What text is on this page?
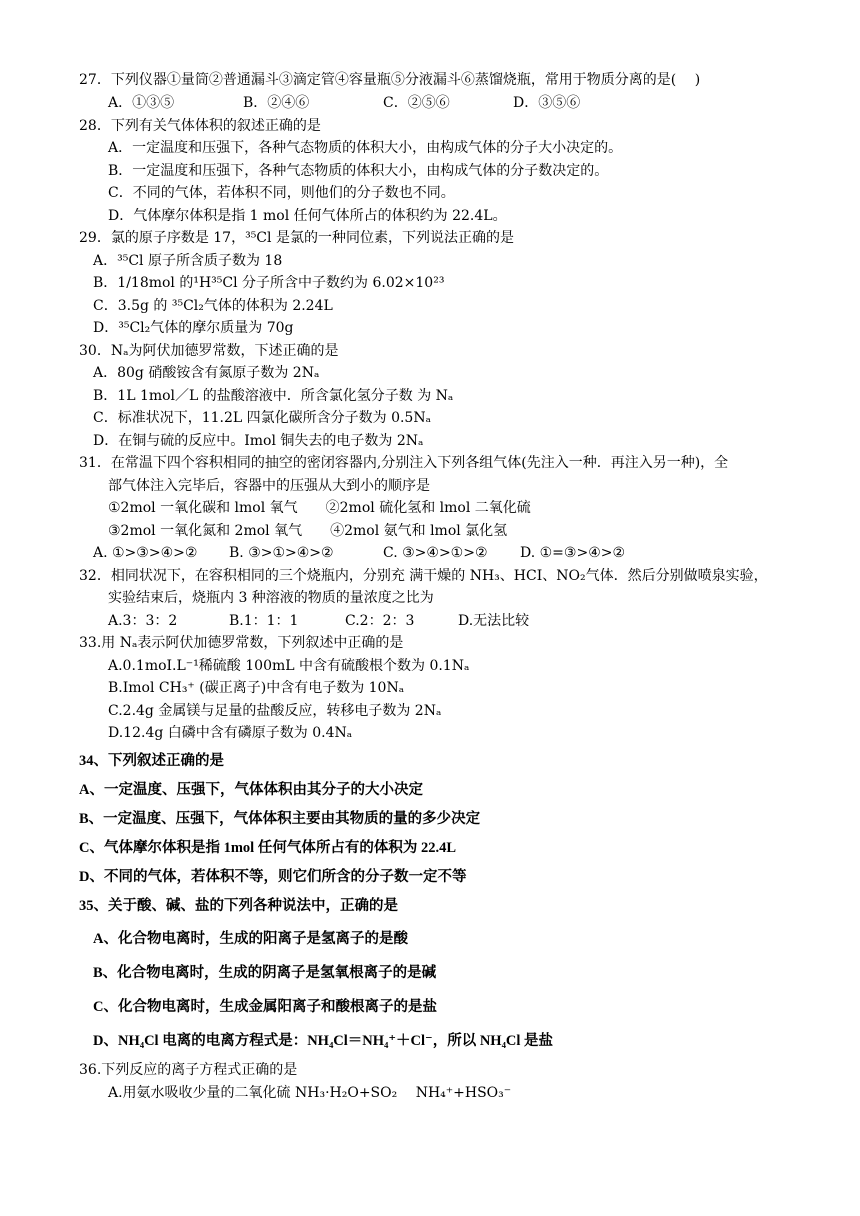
27．下列仪器①量筒②普通漏斗③滴定管④容量瓶⑤分液漏斗⑥蒸馏烧瓶，常用于物质分离的是(　 )
A．①③⑤	B．②④⑥	C．②⑤⑥	D．③⑤⑥
28．下列有关气体体积的叙述正确的是
A．一定温度和压强下，各种气态物质的体积大小，由构成气体的分子大小决定的。
B．一定温度和压强下，各种气态物质的体积大小，由构成气体的分子数决定的。
C．不同的气体，若体积不同，则他们的分子数也不同。
D．气体摩尔体积是指 1 mol 任何气体所占的体积约为 22.4L。
29．氯的原子序数是 17，³⁵Cl 是氯的一种同位素，下列说法正确的是
A．³⁵Cl 原子所含质子数为 18
B．1/18mol 的¹H³⁵Cl 分子所含中子数约为 6.02×10²³
C．3.5g 的 ³⁵Cl₂气体的体积为 2.24L
D．³⁵Cl₂气体的摩尔质量为 70g
30．Nₐ为阿伏加德罗常数，下述正确的是
A．80g 硝酸铵含有氮原子数为 2Nₐ
B．1L 1mol／L 的盐酸溶液中．所含氯化氢分子数 为 Nₐ
C．标准状况下，11.2L 四氯化碳所含分子数为 0.5Nₐ
D．在铜与硫的反应中。Imol 铜失去的电子数为 2Nₐ
31．在常温下四个容积相同的抽空的密闭容器内,分别注入下列各组气体(先注入一种．再注入另一种)，全
部气体注入完毕后，容器中的压强从大到小的顺序是
①2mol 一氧化碳和 lmol 氧气　　②2mol 硫化氢和 lmol 二氧化硫
③2mol 一氧化氮和 2mol 氧气　　④2mol 氨气和 lmol 氯化氢
A. ①>③>④>② B. ③>①>④>②	C. ③>④>①>② D. ①=③>④>②
32．相同状况下，在容积相同的三个烧瓶内，分别充 满干燥的 NH₃、HCI、NO₂气体．然后分别做喷泉实验，
实验结束后，烧瓶内 3 种溶液的物质的量浓度之比为
A.3：3：2	B.1：1：1	C.2：2：3	D.无法比较
33.用 Nₐ表示阿伏加德罗常数，下列叙述中正确的是
A.0.1moI.L⁻¹稀硫酸 100mL 中含有硫酸根个数为 0.1Nₐ
B.Imol CH₃⁺ (碳正离子)中含有电子数为 10Nₐ
C.2.4g 金属镁与足量的盐酸反应，转移电子数为 2Nₐ
D.12.4g 白磷中含有磷原子数为 0.4Nₐ
34、下列叙述正确的是
A、一定温度、压强下，气体体积由其分子的大小决定
B、一定温度、压强下，气体体积主要由其物质的量的多少决定
C、气体摩尔体积是指 1mol 任何气体所占有的体积为 22.4L
D、不同的气体，若体积不等，则它们所含的分子数一定不等
35、关于酸、碱、盐的下列各种说法中，正确的是
A、化合物电离时，生成的阳离子是氢离子的是酸
B、化合物电离时，生成的阴离子是氢氧根离子的是碱
C、化合物电离时，生成金属阳离子和酸根离子的是盐
D、NH₄Cl 电离的电离方程式是：NH₄Cl＝NH₄⁺＋Cl⁻，所以 NH₄Cl 是盐
36.下列反应的离子方程式正确的是
A.用氨水吸收少量的二氧化硫 NH₃·H₂O+SO₂　 NH₄⁺+HSO₃⁻
